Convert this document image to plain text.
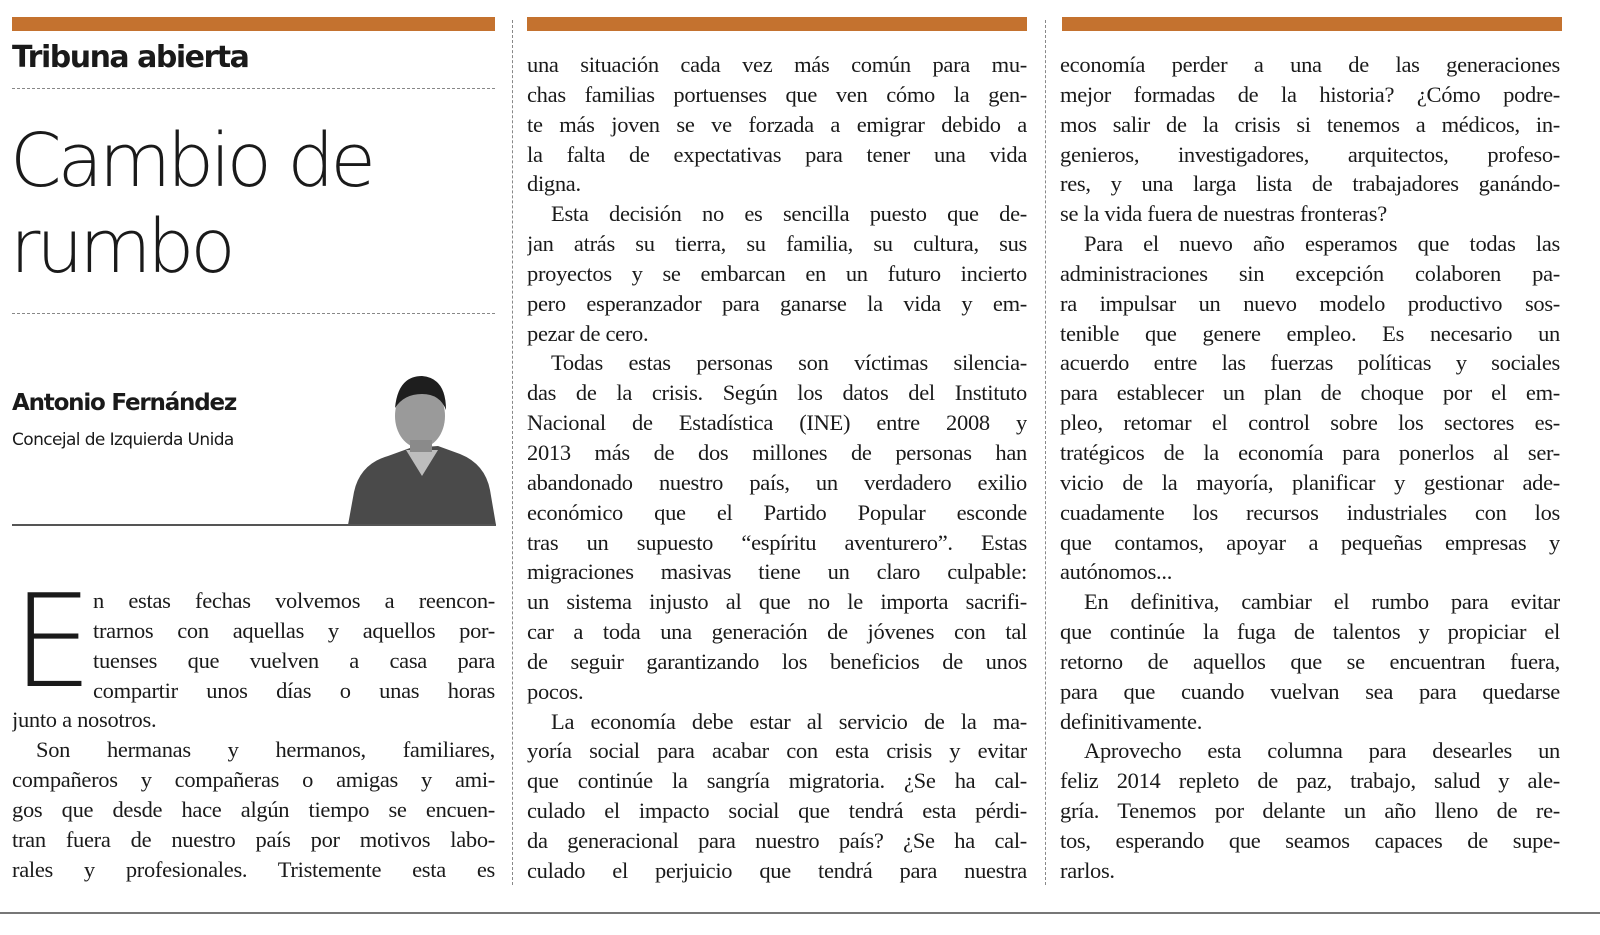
Tribuna abierta
Cambio de
rumbo
Antonio Fernández
Concejal de Izquierda Unida
E n estas fechas volvemos a reencon-
trarnos con aquellas y aquellos por-
tuenses que vuelven a casa para
compartir unos días o unas horas
junto a nosotros.
Son hermanas y hermanos, familiares,
compañeros y compañeras o amigas y ami-
gos que desde hace algún tiempo se encuen-
tran fuera de nuestro país por motivos labo-
rales y profesionales. Tristemente esta es
una situación cada vez más común para mu-
chas familias portuenses que ven cómo la gen-
te más joven se ve forzada a emigrar debido a
la falta de expectativas para tener una vida
digna.
Esta decisión no es sencilla puesto que de-
jan atrás su tierra, su familia, su cultura, sus
proyectos y se embarcan en un futuro incierto
pero esperanzador para ganarse la vida y em-
pezar de cero.
Todas estas personas son víctimas silencia-
das de la crisis. Según los datos del Instituto
Nacional de Estadística (INE) entre 2008 y
2013 más de dos millones de personas han
abandonado nuestro país, un verdadero exilio
económico que el Partido Popular esconde
tras un supuesto “espíritu aventurero”. Estas
migraciones masivas tiene un claro culpable:
un sistema injusto al que no le importa sacrifi-
car a toda una generación de jóvenes con tal
de seguir garantizando los beneficios de unos
pocos.
La economía debe estar al servicio de la ma-
yoría social para acabar con esta crisis y evitar
que continúe la sangría migratoria. ¿Se ha cal-
culado el impacto social que tendrá esta pérdi-
da generacional para nuestro país? ¿Se ha cal-
culado el perjuicio que tendrá para nuestra
economía perder a una de las generaciones
mejor formadas de la historia? ¿Cómo podre-
mos salir de la crisis si tenemos a médicos, in-
genieros, investigadores, arquitectos, profeso-
res, y una larga lista de trabajadores ganándo-
se la vida fuera de nuestras fronteras?
Para el nuevo año esperamos que todas las
administraciones sin excepción colaboren pa-
ra impulsar un nuevo modelo productivo sos-
tenible que genere empleo. Es necesario un
acuerdo entre las fuerzas políticas y sociales
para establecer un plan de choque por el em-
pleo, retomar el control sobre los sectores es-
tratégicos de la economía para ponerlos al ser-
vicio de la mayoría, planificar y gestionar ade-
cuadamente los recursos industriales con los
que contamos, apoyar a pequeñas empresas y
autónomos...
En definitiva, cambiar el rumbo para evitar
que continúe la fuga de talentos y propiciar el
retorno de aquellos que se encuentran fuera,
para que cuando vuelvan sea para quedarse
definitivamente.
Aprovecho esta columna para desearles un
feliz 2014 repleto de paz, trabajo, salud y ale-
gría. Tenemos por delante un año lleno de re-
tos, esperando que seamos capaces de supe-
rarlos.
